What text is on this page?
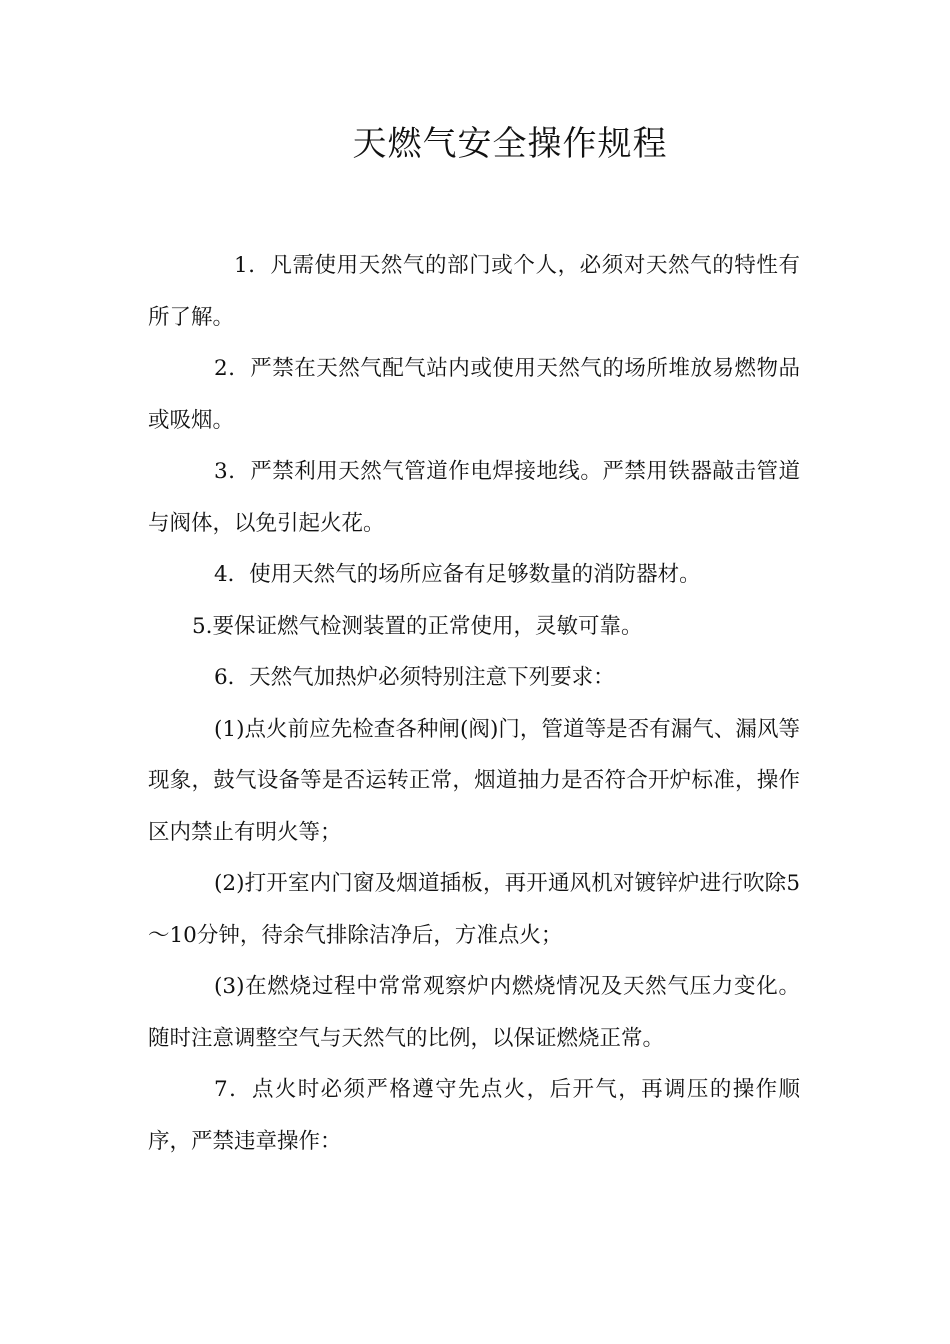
天燃气安全操作规程

1．凡需使用天然气的部门或个人，必须对天然气的特性有所了解。

2．严禁在天然气配气站内或使用天然气的场所堆放易燃物品或吸烟。

3．严禁利用天然气管道作电焊接地线。严禁用铁器敲击管道与阀体，以免引起火花。

4．使用天然气的场所应备有足够数量的消防器材。

5.要保证燃气检测装置的正常使用，灵敏可靠。

6．天然气加热炉必须特别注意下列要求：

(1)点火前应先检查各种闸(阀)门，管道等是否有漏气、漏风等现象，鼓气设备等是否运转正常，烟道抽力是否符合开炉标准，操作区内禁止有明火等；

(2)打开室内门窗及烟道插板，再开通风机对镀锌炉进行吹除5～10分钟，待余气排除洁净后，方准点火；

(3)在燃烧过程中常常观察炉内燃烧情况及天然气压力变化。随时注意调整空气与天然气的比例，以保证燃烧正常。

7．点火时必须严格遵守先点火，后开气，再调压的操作顺序，严禁违章操作：
